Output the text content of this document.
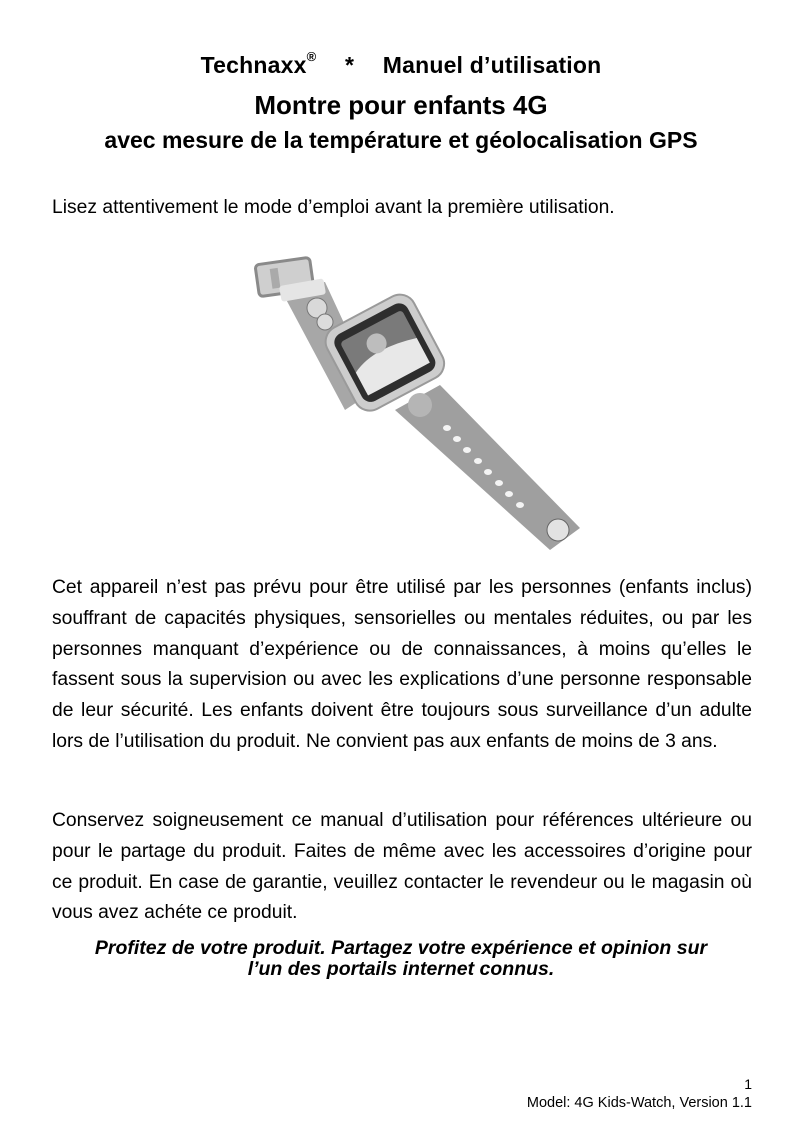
Technaxx® * Manuel d’utilisation
Montre pour enfants 4G
avec mesure de la température et géolocalisation GPS
Lisez attentivement le mode d’emploi avant la première utilisation.
Cet appareil n’est pas prévu pour être utilisé par les personnes (enfants inclus) souffrant de capacités physiques, sensorielles ou mentales réduites, ou par les personnes manquant d’expérience ou de connaissances, à moins qu’elles le fassent sous la supervision ou avec les explications d’une personne responsable de leur sécurité. Les enfants doivent être toujours sous surveillance d’un adulte lors de l’utilisation du produit. Ne convient pas aux enfants de moins de 3 ans.
Conservez soigneusement ce manual d’utilisation pour références ultérieure ou pour le partage du produit. Faites de même avec les accessoires d’origine pour ce produit. En case de garantie, veuillez contacter le revendeur ou le magasin où vous avez achéte ce produit.
Profitez de votre produit. Partagez votre expérience et opinion sur
l’un des portails internet connus.
1
Model: 4G Kids-Watch, Version 1.1
